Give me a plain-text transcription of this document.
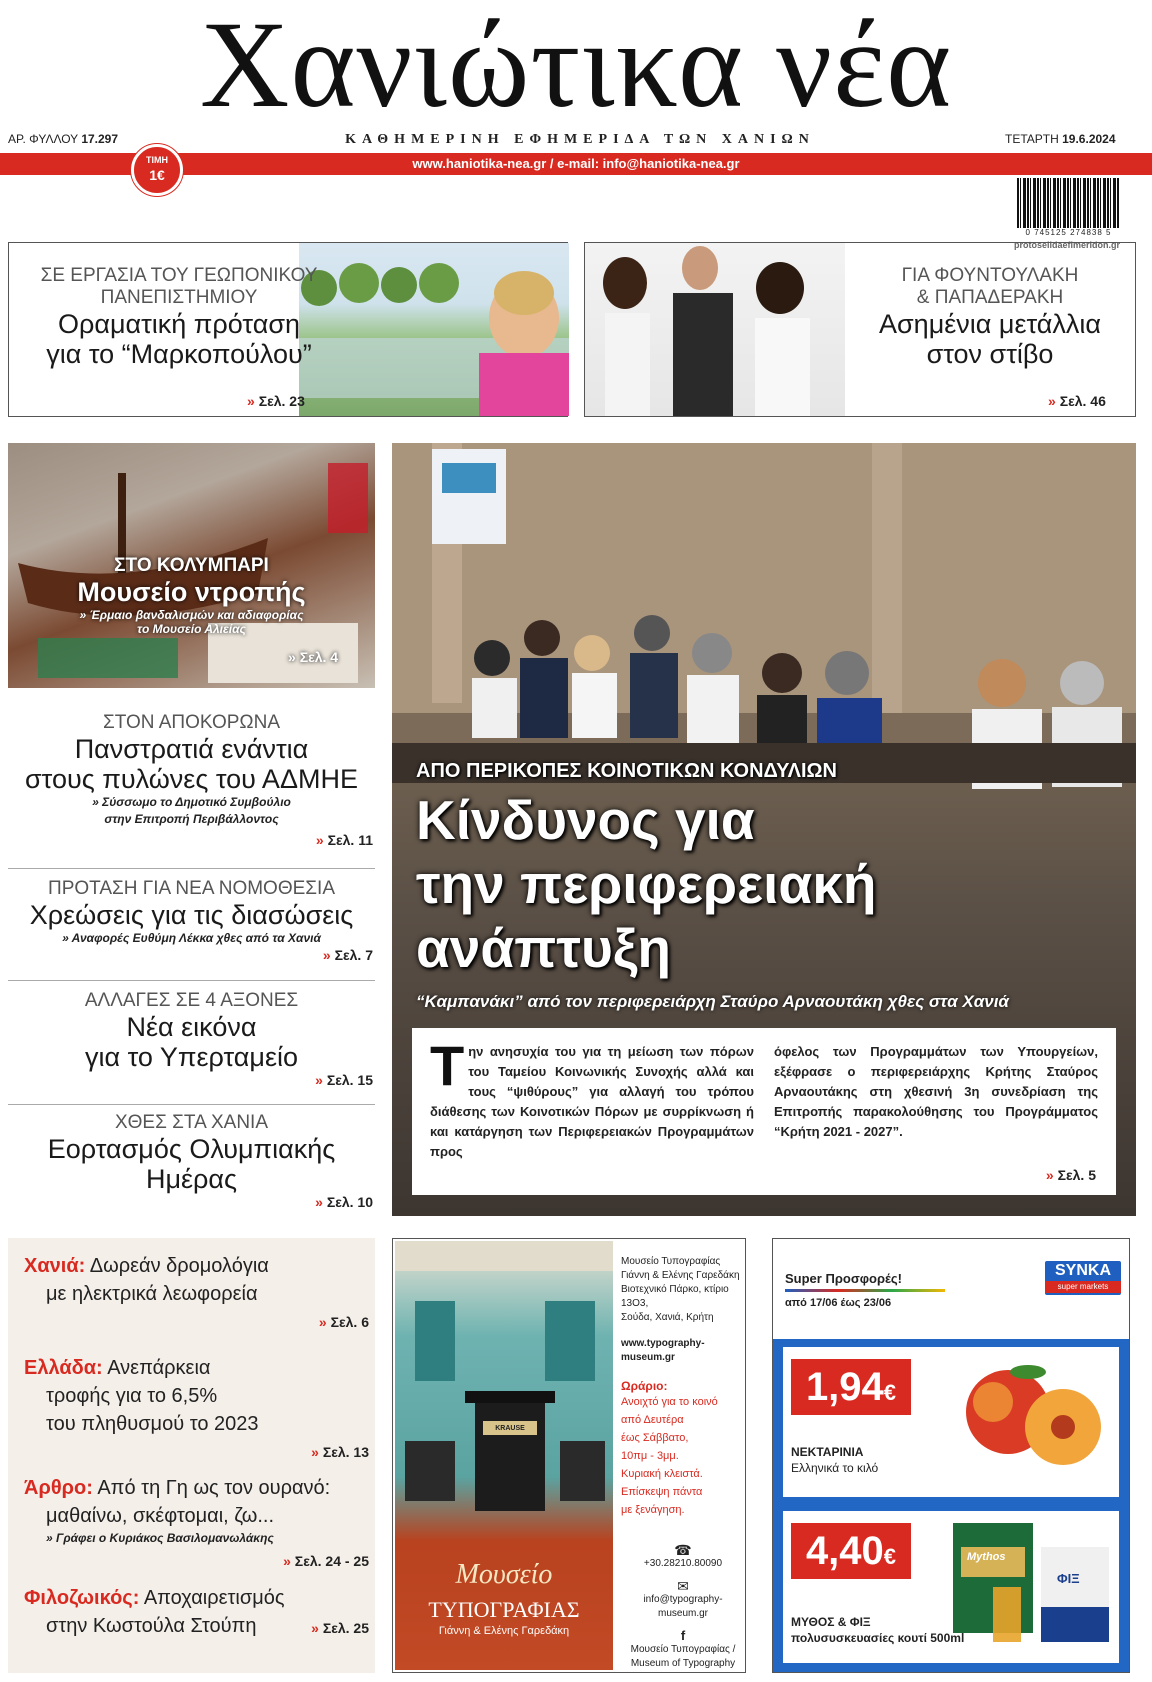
Χανιώτικα νέα
ΑΡ. ΦΥΛΛΟΥ 17.297	ΚΑΘΗΜΕΡΙΝΗ ΕΦΗΜΕΡΙΔΑ ΤΩΝ ΧΑΝΙΩΝ	ΤΕΤΑΡΤΗ 19.6.2024
www.haniotika-nea.gr / e-mail: info@haniotika-nea.gr
ΤΙΜΗ
1€
0 745125 274838 5
protoselidaefimeridon.gr
ΣΕ ΕΡΓΑΣΙΑ ΤΟΥ ΓΕΩΠΟΝΙΚΟΥ
ΠΑΝΕΠΙΣΤΗΜΙΟΥ
Οραματική πρόταση
για το “Μαρκοπούλου”
» Σελ. 23
ΓΙΑ ΦΟΥΝΤΟΥΛΑΚΗ
& ΠΑΠΑΔΕΡΑΚΗ
Ασημένια μετάλλια
στον στίβο
» Σελ. 46
ΣΤΟ ΚΟΛΥΜΠΑΡΙ
Μουσείο ντροπής
» Έρμαιο βανδαλισμών και αδιαφορίας
το Μουσείο Αλιείας
» Σελ. 4
ΣΤΟΝ ΑΠΟΚΟΡΩΝΑ
Πανστρατιά ενάντια
στους πυλώνες του ΑΔΜΗΕ
» Σύσσωμο το Δημοτικό Συμβούλιο
στην Επιτροπή Περιβάλλοντος
» Σελ. 11
ΠΡΟΤΑΣΗ ΓΙΑ ΝΕΑ ΝΟΜΟΘΕΣΙΑ
Χρεώσεις για τις διασώσεις
» Αναφορές Ευθύμη Λέκκα χθες από τα Χανιά
» Σελ. 7
ΑΛΛΑΓΕΣ ΣΕ 4 ΑΞΟΝΕΣ
Νέα εικόνα
για το Υπερταμείο
» Σελ. 15
ΧΘΕΣ ΣΤΑ ΧΑΝΙΑ
Εορτασμός Ολυμπιακής
Ημέρας
» Σελ. 10
ΑΠΟ ΠΕΡΙΚΟΠΕΣ ΚΟΙΝΟΤΙΚΩΝ ΚΟΝΔΥΛΙΩΝ
Κίνδυνος για
την περιφερειακή
ανάπτυξη
“Καμπανάκι” από τον περιφερειάρχη Σταύρο Αρναουτάκη χθες στα Χανιά
Την ανησυχία του για τη μείωση των πόρων του Ταμείου Κοινωνικής Συνοχής αλλά και τους “ψιθύρους” για αλλαγή του τρόπου διάθεσης των Κοινοτικών Πόρων με συρρίκνωση ή και κατάργηση των Περιφερειακών Προγραμμάτων προς
όφελος των Προγραμμάτων των Υπουργείων, εξέφρασε ο περιφερειάρχης Κρήτης Σταύρος Αρναουτάκης στη χθεσινή 3η συνεδρίαση της Επιτροπής παρακολούθησης του Προγράμματος “Κρήτη 2021 - 2027”.
» Σελ. 5
Χανιά: Δωρεάν δρομολόγια
με ηλεκτρικά λεωφορεία
» Σελ. 6
Ελλάδα: Ανεπάρκεια
τροφής για το 6,5%
του πληθυσμού το 2023
» Σελ. 13
Άρθρο: Από τη Γη ως τον ουρανό:
μαθαίνω, σκέφτομαι, ζω...
» Γράφει ο Κυριάκος Βασιλομανωλάκης
» Σελ. 24 - 25
Φιλοζωικός: Αποχαιρετισμός
στην Κωστούλα Στούπη	» Σελ. 25
KRAUSE
Μουσείο
ΤΥΠΟΓΡΑΦΙΑΣ
Γιάννη & Ελένης Γαρεδάκη
Μουσείο Τυπογραφίας
Γιάννη & Ελένης Γαρεδάκη
Βιοτεχνικό Πάρκο, κτίριο 13Ο3,
Σούδα, Χανιά, Κρήτη
www.typography-museum.gr
Ωράριο:
Ανοιχτό για το κοινό
από Δευτέρα
έως Σάββατο,
10πμ - 3μμ.
Κυριακή κλειστά.
Επίσκεψη πάντα
με ξενάγηση.
☎
+30.28210.80090
✉
info@typography-museum.gr
f
Μουσείο Τυπογραφίας /
Museum of Typography
Super Προσφορές!
από 17/06 έως 23/06
SYNKA
super markets
1,94€
ΝΕΚΤΑΡΙΝΙΑ
Ελληνικά το κιλό
4,40€	Mythos
ΦΙΞ
ΜΥΘΟΣ & ΦΙΞ
πολυσυσκευασίες κουτί 500ml
